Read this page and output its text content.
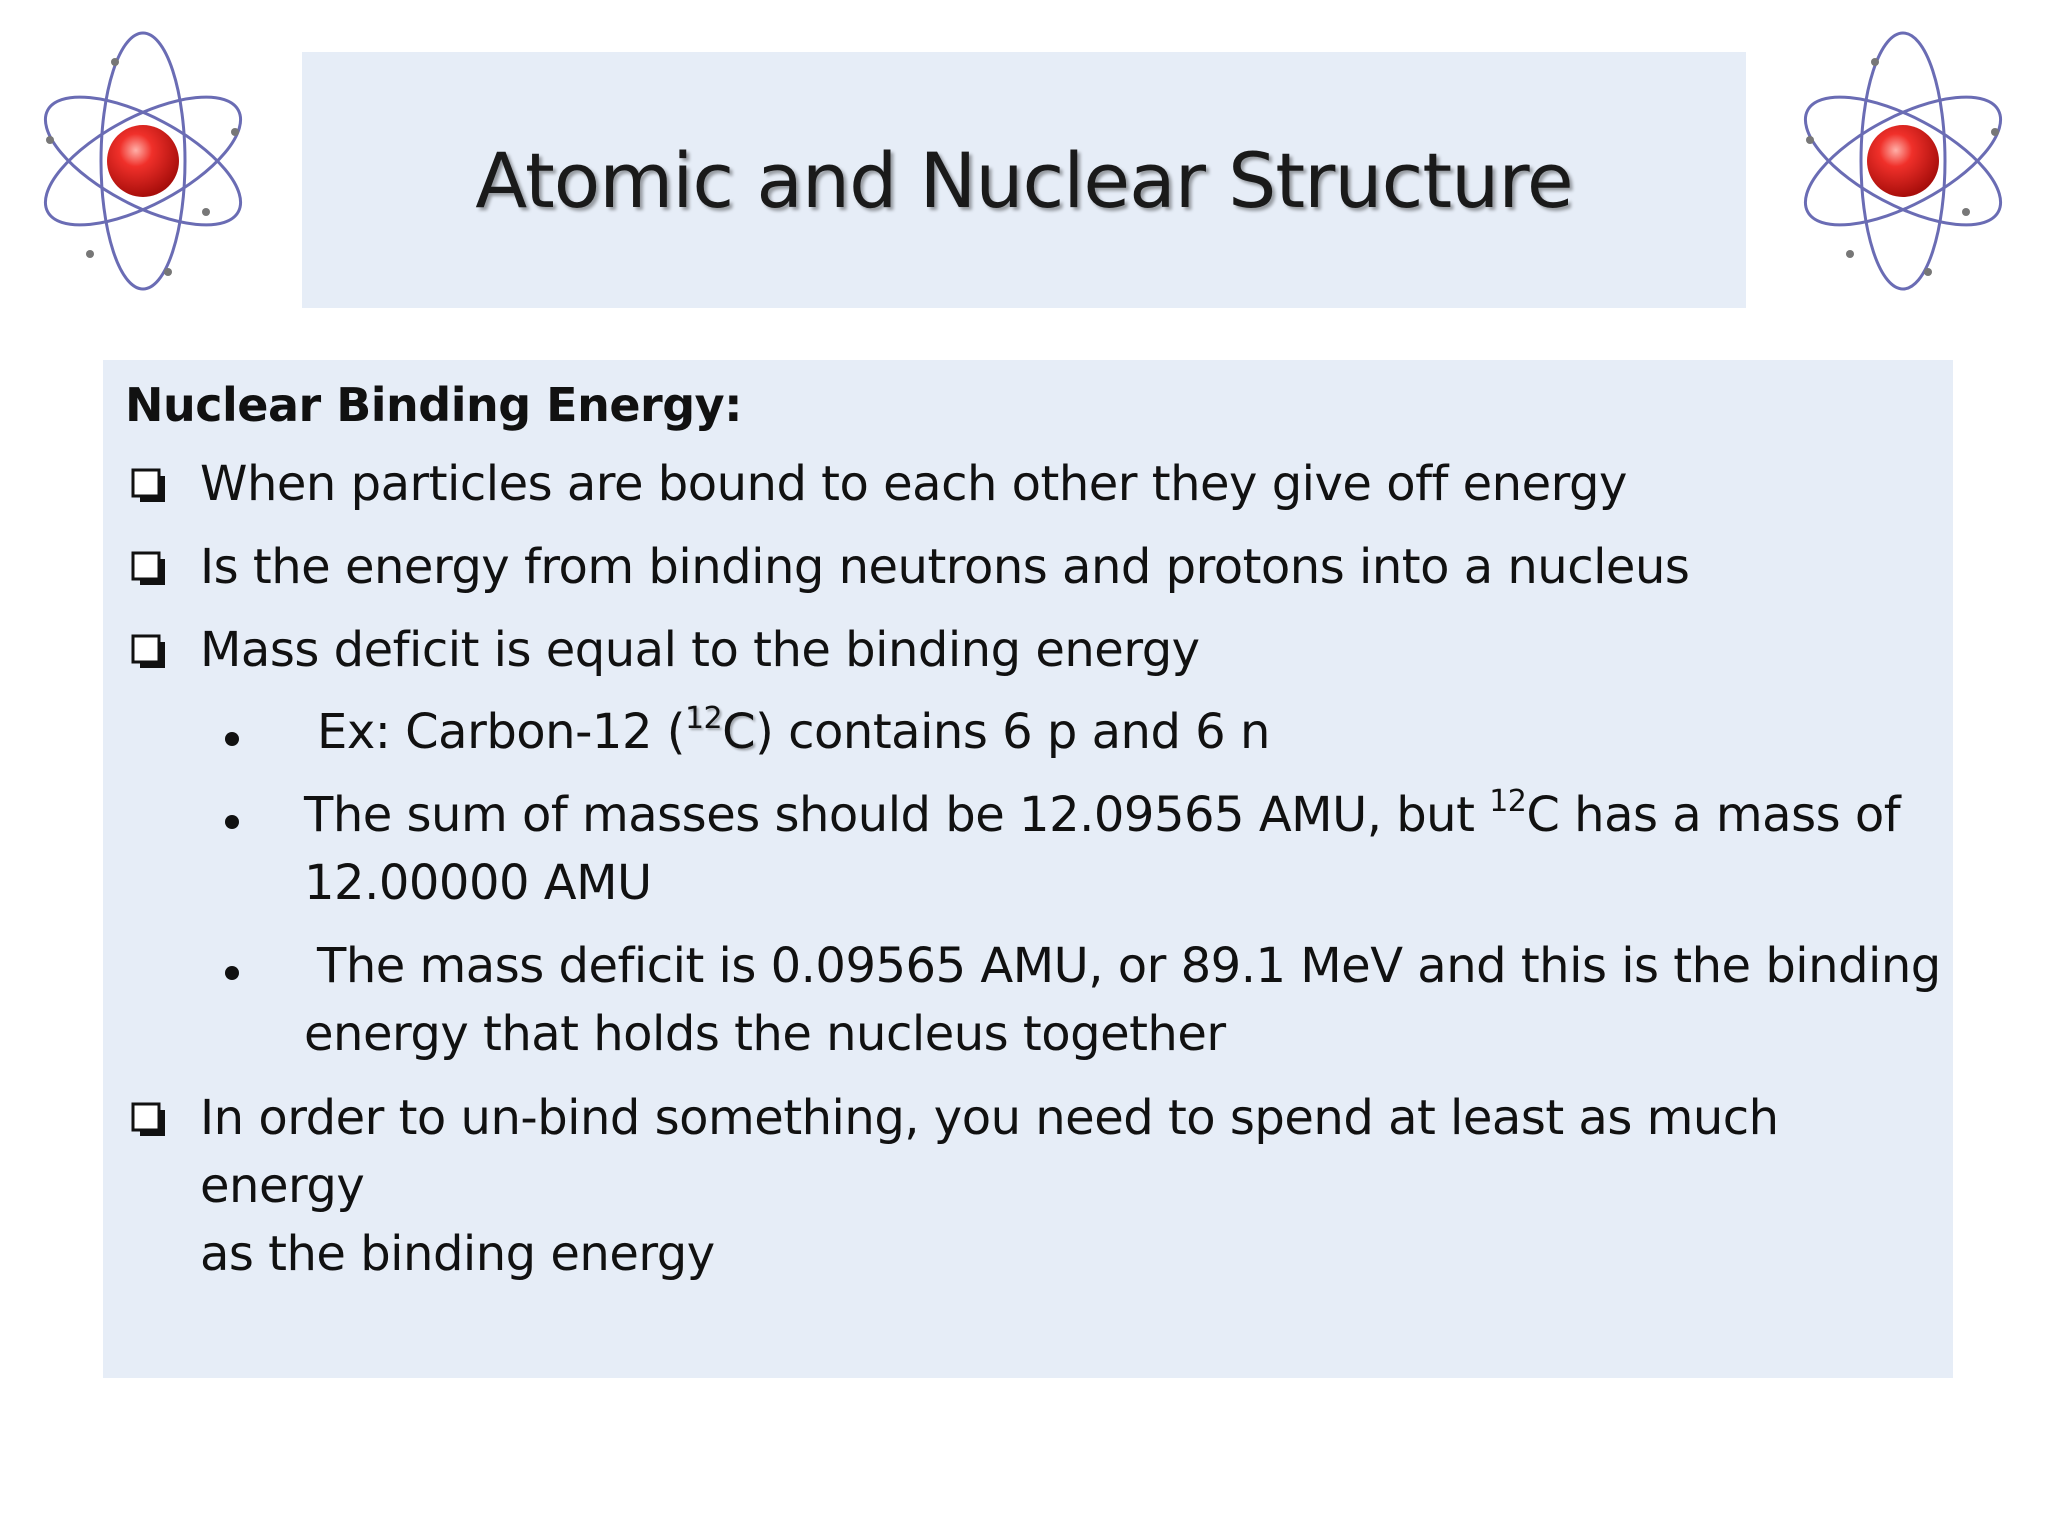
Atomic and Nuclear Structure
Nuclear Binding Energy:
When particles are bound to each other they give off energy
Is the energy from binding neutrons and protons into a nucleus
Mass deficit is equal to the binding energy
Ex: Carbon-12 ($^{12}$C) contains 6 p and 6 n
The sum of masses should be 12.09565 AMU, but $^{12}$C has a mass of
12.00000 AMU
The mass deficit is 0.09565 AMU, or 89.1 MeV and this is the binding
energy that holds the nucleus together
In order to un-bind something, you need to spend at least as much energy
as the binding energy
